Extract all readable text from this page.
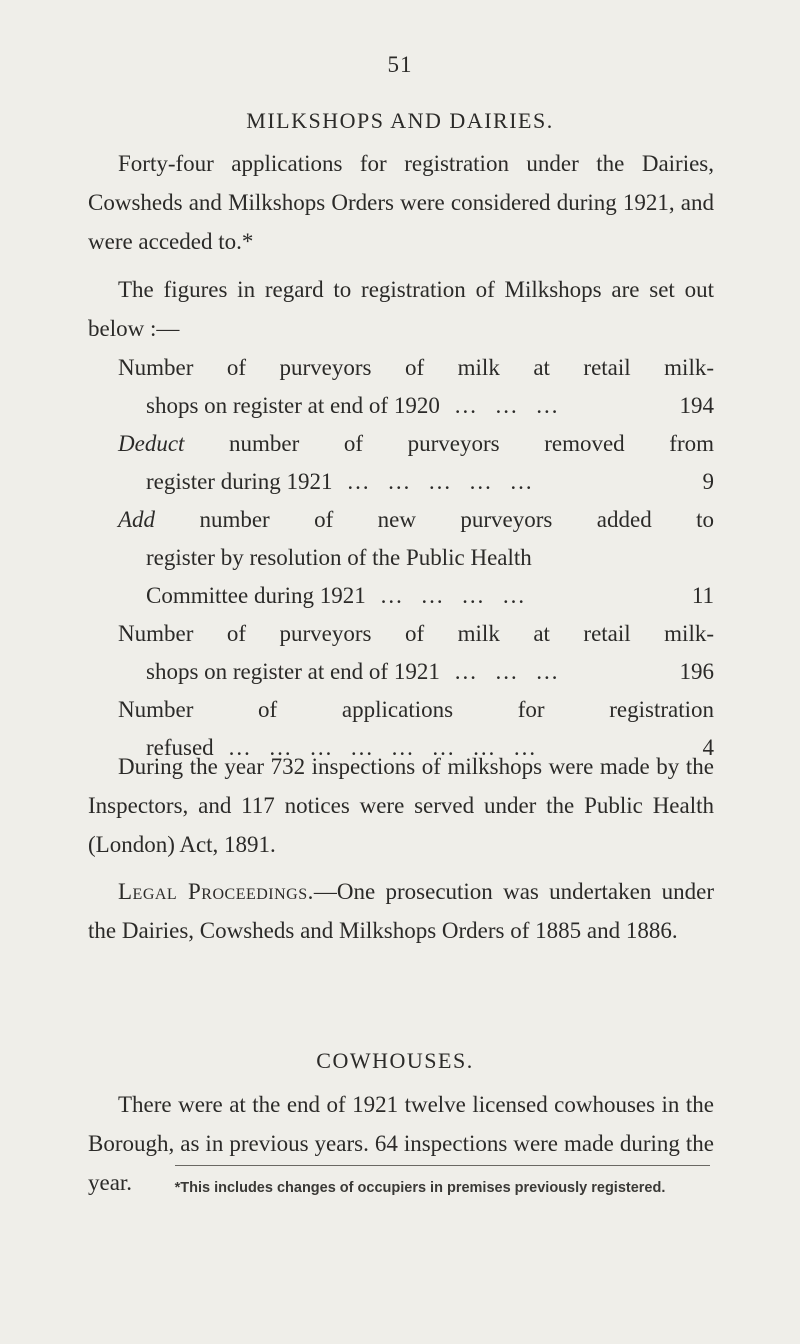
51
MILKSHOPS AND DAIRIES.

Forty-four applications for registration under the Dairies, Cowsheds and Milkshops Orders were considered during 1921, and were acceded to.*

The figures in regard to registration of Milkshops are set out below :—

Number of purveyors of milk at retail milk-
shops on register at end of 1920 … … …	194
Deduct number of purveyors removed from
register during 1921 … … … … …	9
Add number of new purveyors added to
register by resolution of the Public Health
Committee during 1921 … … … …	11
Number of purveyors of milk at retail milk-
shops on register at end of 1921 … … …	196
Number of applications for registration
refused … … … … … … … …	4

During the year 732 inspections of milkshops were made by the Inspectors, and 117 notices were served under the Public Health (London) Act, 1891.

Legal Proceedings.—One prosecution was undertaken under the Dairies, Cowsheds and Milkshops Orders of 1885 and 1886.

COWHOUSES.

There were at the end of 1921 twelve licensed cowhouses in the Borough, as in previous years. 64 inspections were made during the year.	*This includes changes of occupiers in premises previously registered.
